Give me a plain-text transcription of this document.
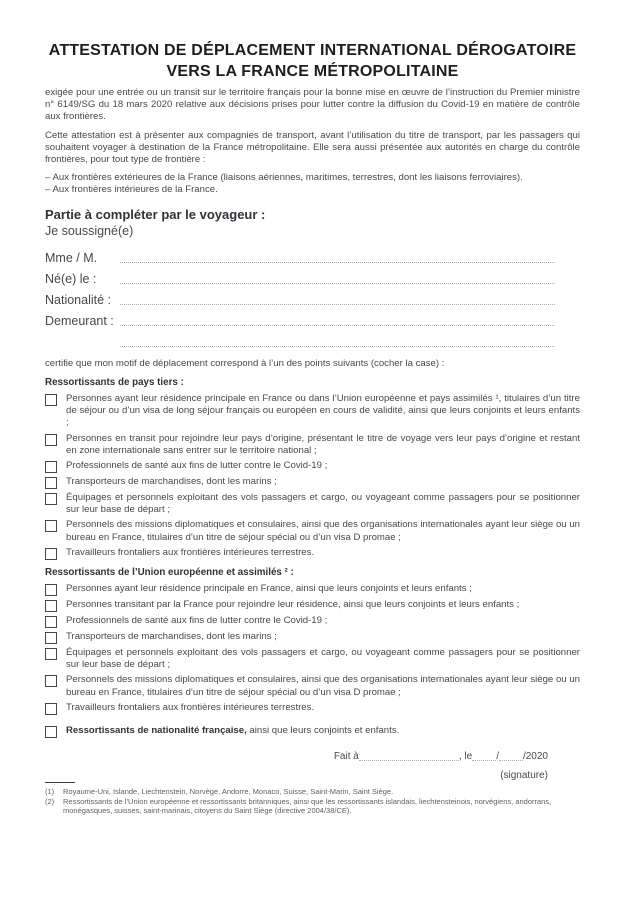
ATTESTATION DE DÉPLACEMENT INTERNATIONAL DÉROGATOIRE
VERS LA FRANCE MÉTROPOLITAINE

exigée pour une entrée ou un transit sur le territoire français pour la bonne mise en œuvre de l’instruction du Premier ministre n° 6149/SG du 18 mars 2020 relative aux décisions prises pour lutter contre la diffusion du Covid-19 en matière de contrôle aux frontières.

Cette attestation est à présenter aux compagnies de transport, avant l’utilisation du titre de transport, par les passagers qui souhaitent voyager à destination de la France métropolitaine. Elle sera aussi présentée aux autorités en charge du contrôle frontières, pour tout type de frontière :

– Aux frontières extérieures de la France (liaisons aériennes, maritimes, terrestres, dont les liaisons ferroviaires).

– Aux frontières intérieures de la France.

Partie à compléter par le voyageur :

Je soussigné(e)

Mme / M.
Né(e) le :
Nationalité :
Demeurant :

certifie que mon motif de déplacement correspond à l’un des points suivants (cocher la case) :

Ressortissants de pays tiers :
Personnes ayant leur résidence principale en France ou dans l’Union européenne et pays assimilés ¹, titulaires d’un titre de séjour ou d’un visa de long séjour français ou européen en cours de validité, ainsi que leurs conjoints et leurs enfants ;
Personnes en transit pour rejoindre leur pays d’origine, présentant le titre de voyage vers leur pays d’origine et restant en zone internationale sans entrer sur le territoire national ;
Professionnels de santé aux fins de lutter contre le Covid-19 ;
Transporteurs de marchandises, dont les marins ;
Équipages et personnels exploitant des vols passagers et cargo, ou voyageant comme passagers pour se positionner sur leur base de départ ;
Personnels des missions diplomatiques et consulaires, ainsi que des organisations internationales ayant leur siège ou un bureau en France, titulaires d’un titre de séjour spécial ou d’un visa D promae ;
Travailleurs frontaliers aux frontières intérieures terrestres.
Ressortissants de l’Union européenne et assimilés ² :
Personnes ayant leur résidence principale en France, ainsi que leurs conjoints et leurs enfants ;
Personnes transitant par la France pour rejoindre leur résidence, ainsi que leurs conjoints et leurs enfants ;
Professionnels de santé aux fins de lutter contre le Covid-19 ;
Transporteurs de marchandises, dont les marins ;
Équipages et personnels exploitant des vols passagers et cargo, ou voyageant comme passagers pour se positionner sur leur base de départ ;
Personnels des missions diplomatiques et consulaires, ainsi que des organisations internationales ayant leur siège ou un bureau en France, titulaires d’un titre de séjour spécial ou d’un visa D promae ;
Travailleurs frontaliers aux frontières intérieures terrestres.
Ressortissants de nationalité française, ainsi que leurs conjoints et enfants.
Fait à	, le / /2020
(signature)
(1)	Royaume-Uni, Islande, Liechtenstein, Norvège, Andorre, Monaco, Suisse, Saint-Marin, Saint Siège.
(2)	Ressortissants de l’Union européenne et ressortissants britanniques, ainsi que les ressortissants islandais, liechtensteinois, norvégiens, andorrans, monégasques, suisses, saint-marinais, citoyens du Saint Siège (directive 2004/38/CE).
